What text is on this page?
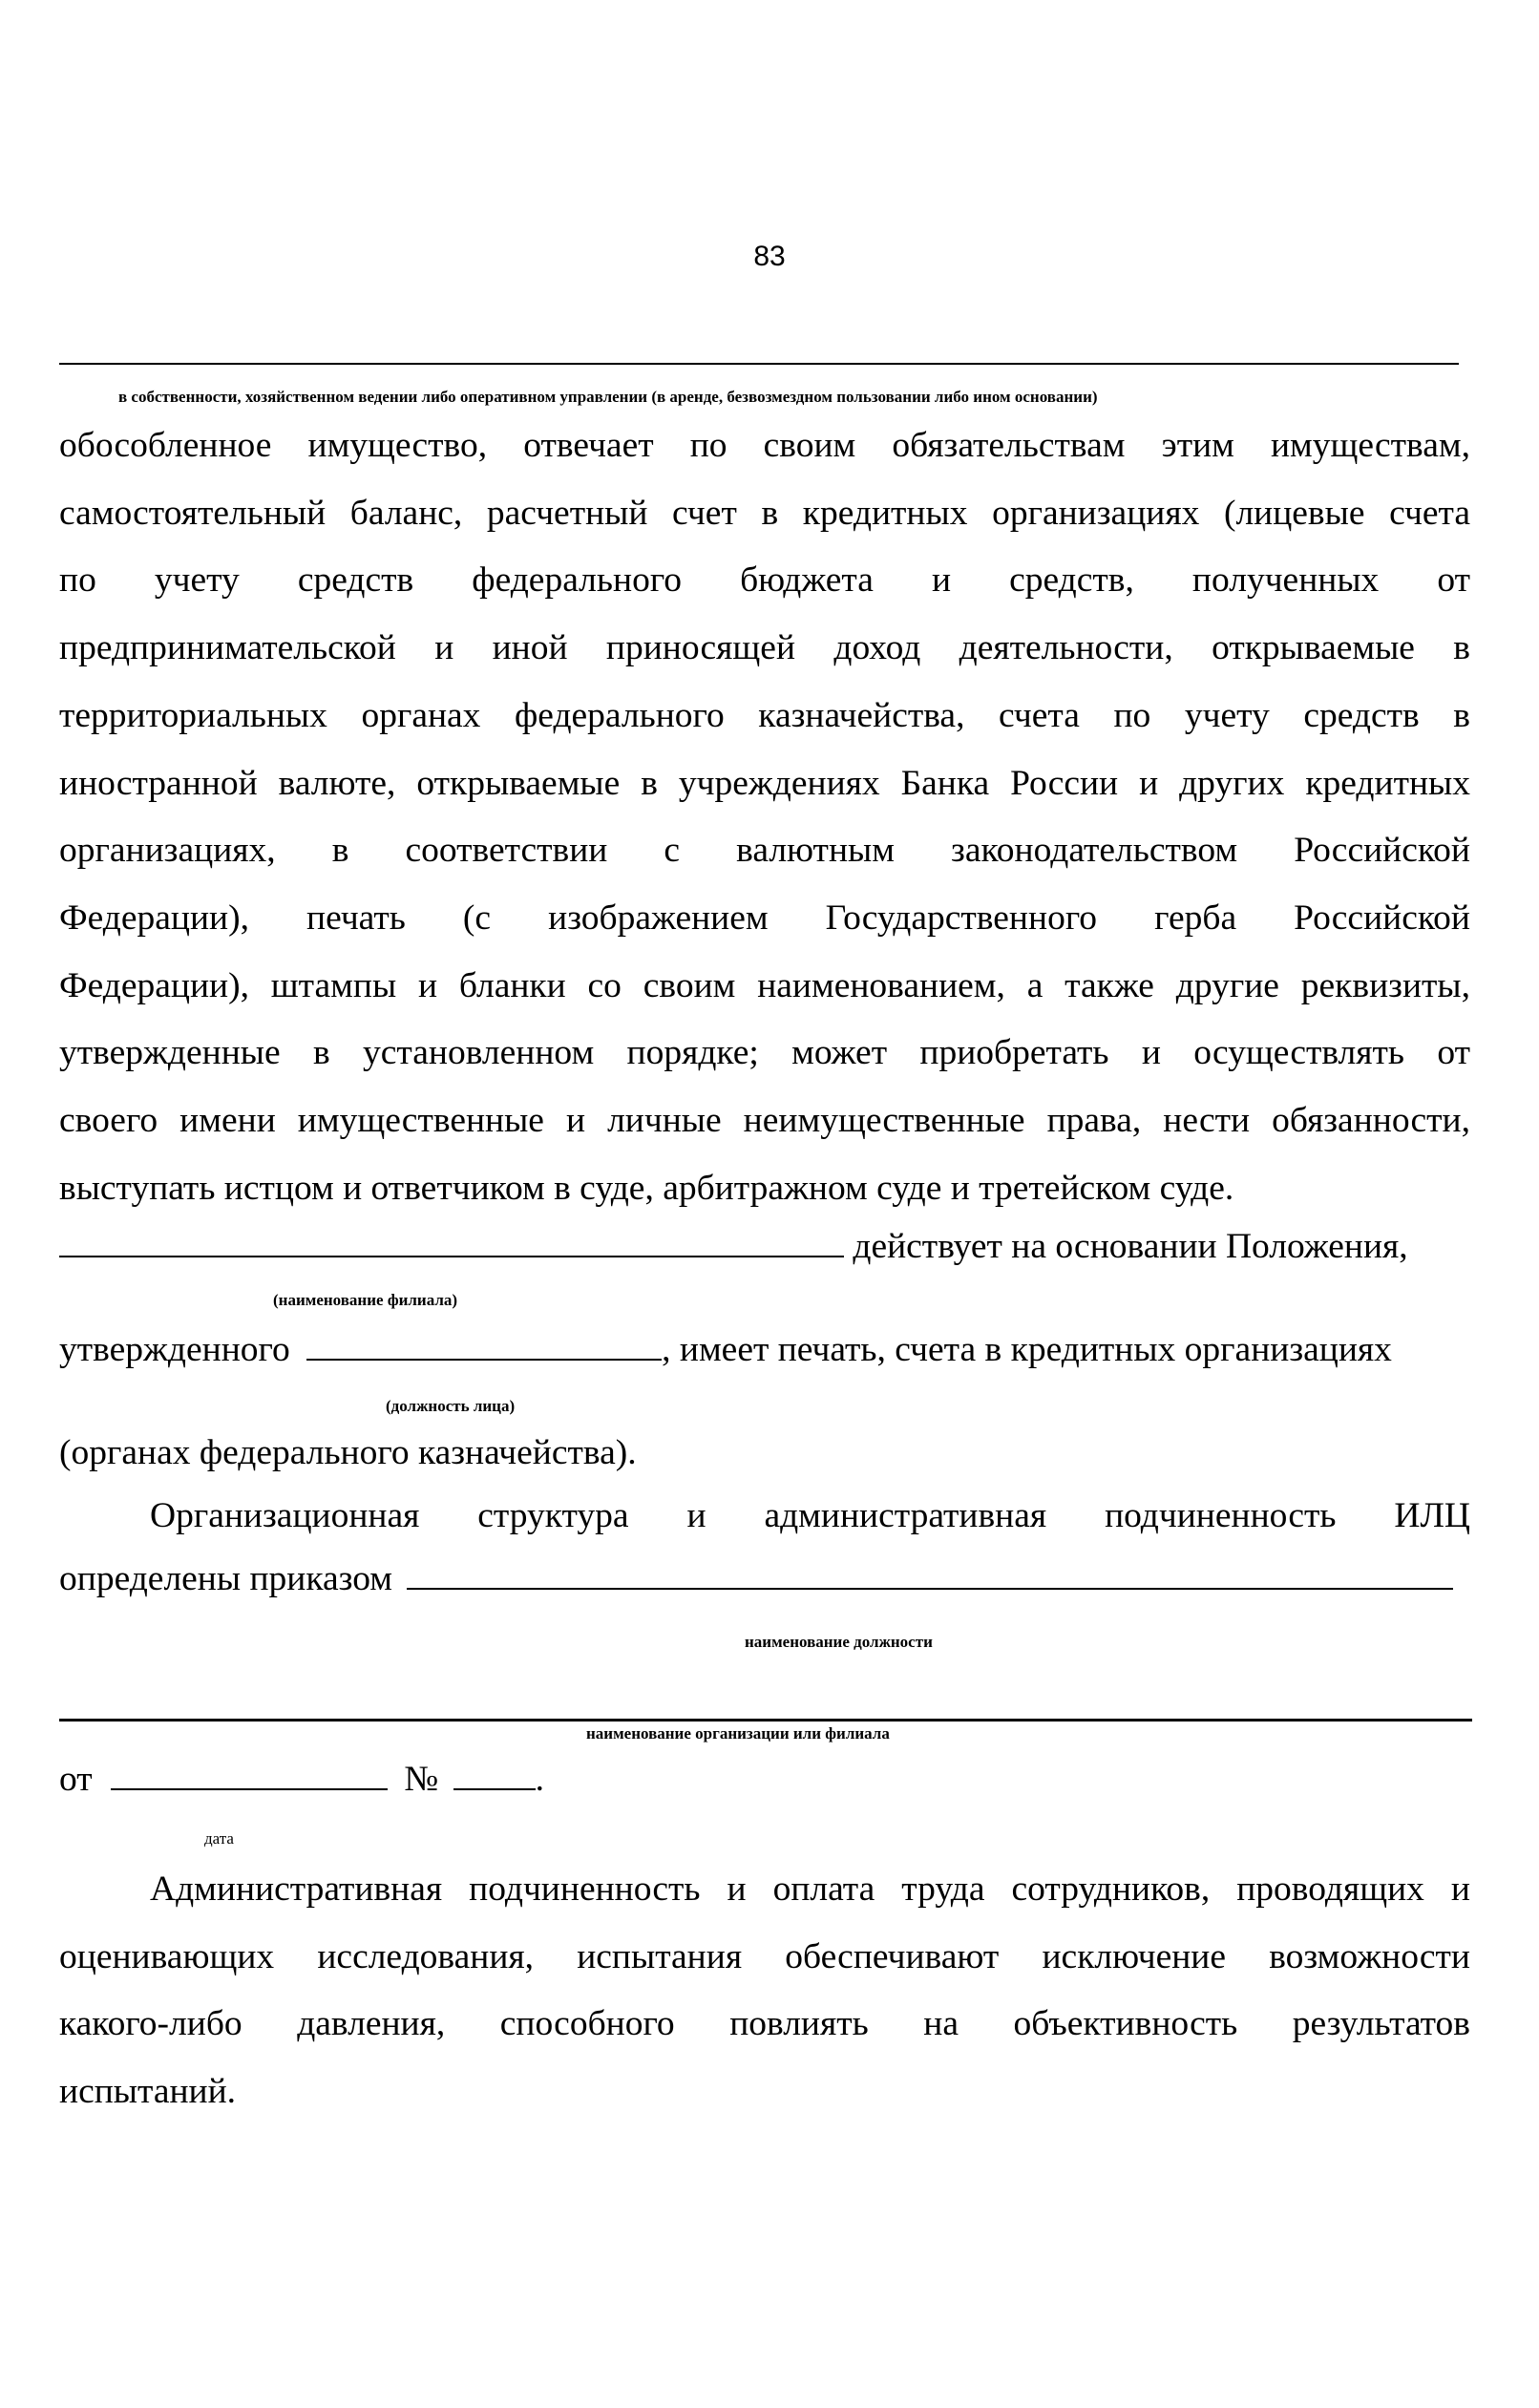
83
в собственности, хозяйственном ведении либо оперативном управлении (в аренде, безвозмездном пользовании либо ином основании)
обособленное имущество, отвечает по своим обязательствам этим имуществам,
самостоятельный баланс, расчетный счет в кредитных организациях (лицевые счета
по учету средств федерального бюджета и средств, полученных от
предпринимательской и иной приносящей доход деятельности, открываемые в
территориальных органах федерального казначейства, счета по учету средств в
иностранной валюте, открываемые в учреждениях Банка России и других кредитных
организациях, в соответствии с валютным законодательством Российской
Федерации), печать (с изображением Государственного герба Российской
Федерации), штампы и бланки со своим наименованием, а также другие реквизиты,
утвержденные в установленном порядке; может приобретать и осуществлять от
своего имени имущественные и личные неимущественные права, нести обязанности,
выступать истцом и ответчиком в суде, арбитражном суде и третейском суде.
действует на основании Положения,
(наименование филиала)
утвержденного	, имеет печать, счета в кредитных организациях
(должность лица)
(органах федерального казначейства).
Организационная структура и административная подчиненность ИЛЦ
определены приказом
наименование должности
наименование организации или филиала
от	№	.
дата
Административная подчиненность и оплата труда сотрудников, проводящих и
оценивающих исследования, испытания обеспечивают исключение возможности
какого-либо давления, способного повлиять на объективность результатов
испытаний.
